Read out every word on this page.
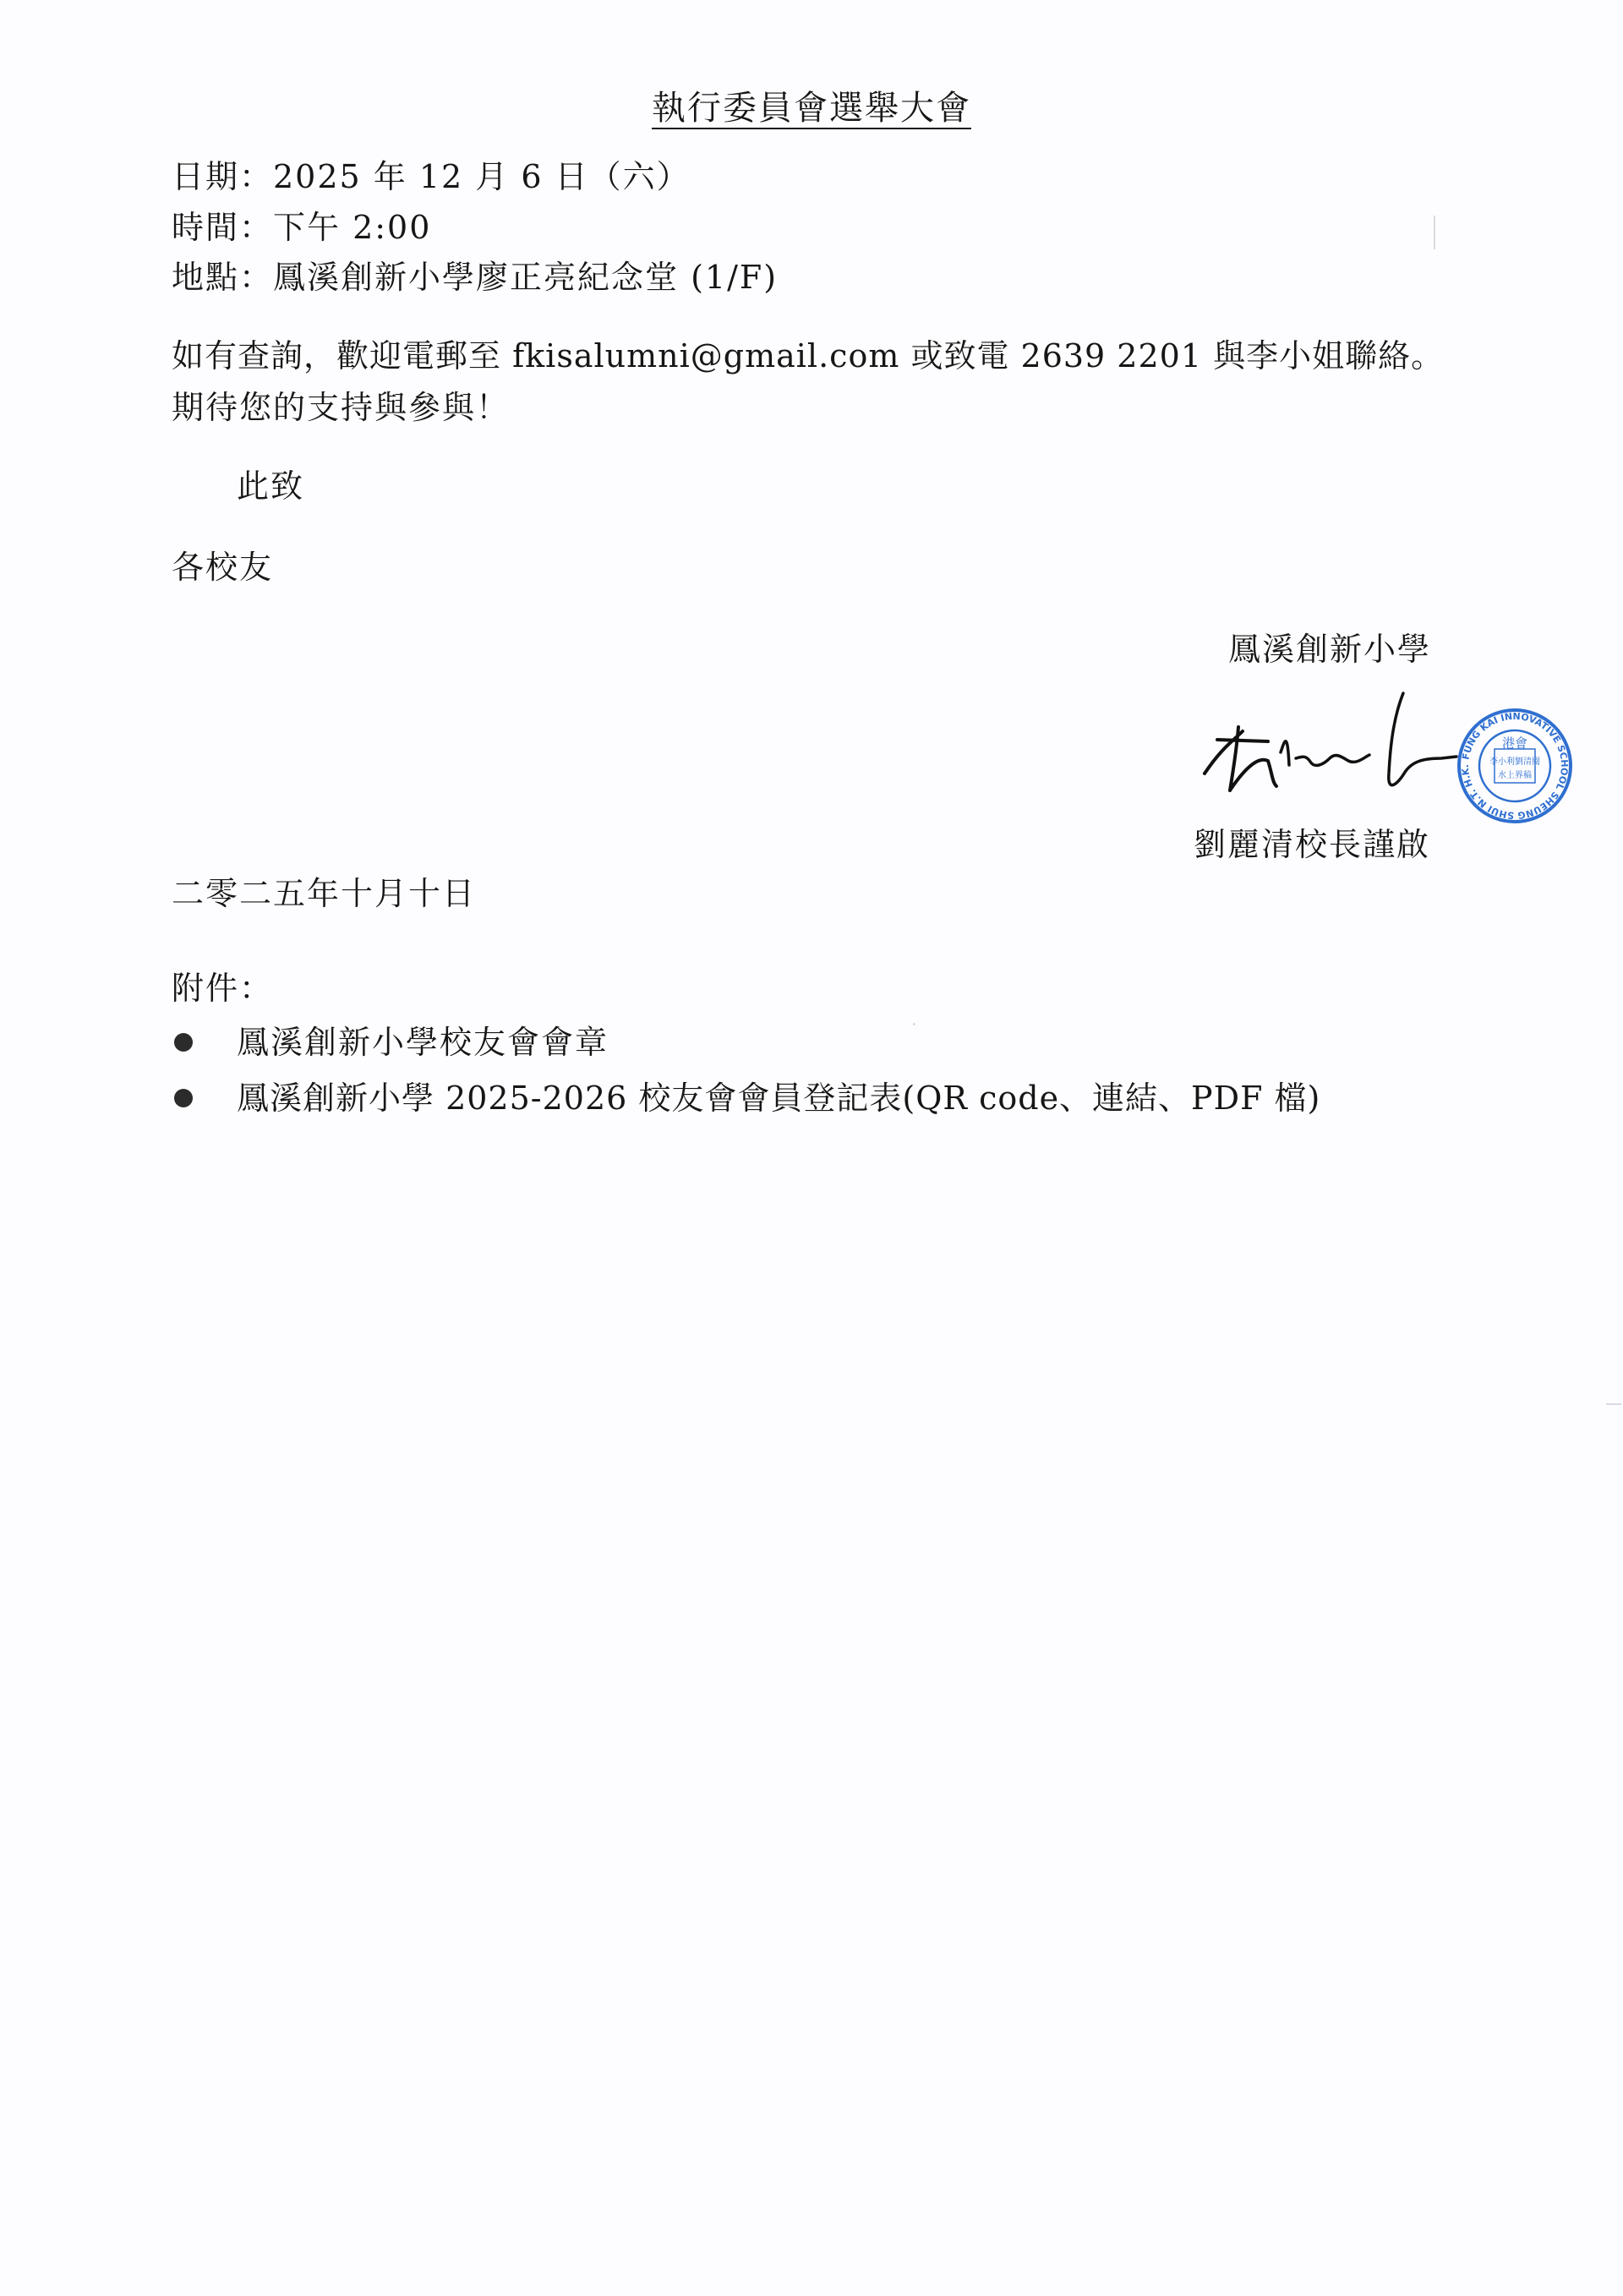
執行委員會選舉大會
日期：2025 年 12 月 6 日（六）
時間：下午 2:00
地點：鳳溪創新小學廖正亮紀念堂 (1/F)
如有查詢，歡迎電郵至 fkisalumni@gmail.com 或致電 2639 2201 與李小姐聯絡。
期待您的支持與參與！
此致
各校友
鳳溪創新小學
港會
李小利劉清閱
水上界稿
FUNG KAI INNOVATIVE SCHOOL SHEUNG SHUI N.T. H.K.
劉麗清校長謹啟
二零二五年十月十日
附件：
鳳溪創新小學校友會會章
鳳溪創新小學 2025-2026 校友會會員登記表(QR code、連結、PDF 檔)
